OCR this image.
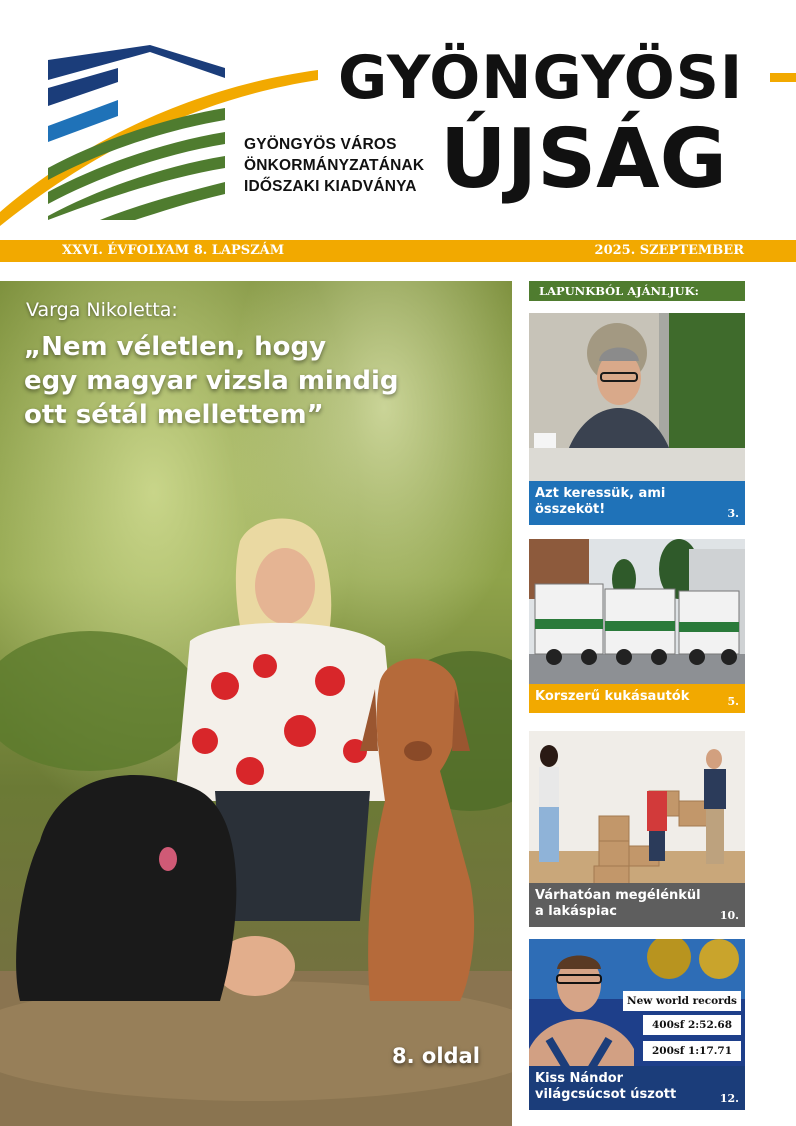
GYÖNGYÖSI
ÚJSÁG
GYÖNGYÖS VÁROS
ÖNKORMÁNYZATÁNAK
IDŐSZAKI KIADVÁNYA
XXVI. ÉVFOLYAM 8. LAPSZÁM	2025. SZEPTEMBER
Varga Nikoletta:
„Nem véletlen, hogy
egy magyar vizsla mindig
ott sétál mellettem”
8. oldal
LAPUNKBÓL AJÁNLJUK:
Azt keressük, ami összeköt!	3.
Korszerű kukásautók	5.
Várhatóan megélénkül a lakáspiac	10.
New world records
400sf 2:52.68
200sf 1:17.71
Kiss Nándor világcsúcsot úszott	12.
